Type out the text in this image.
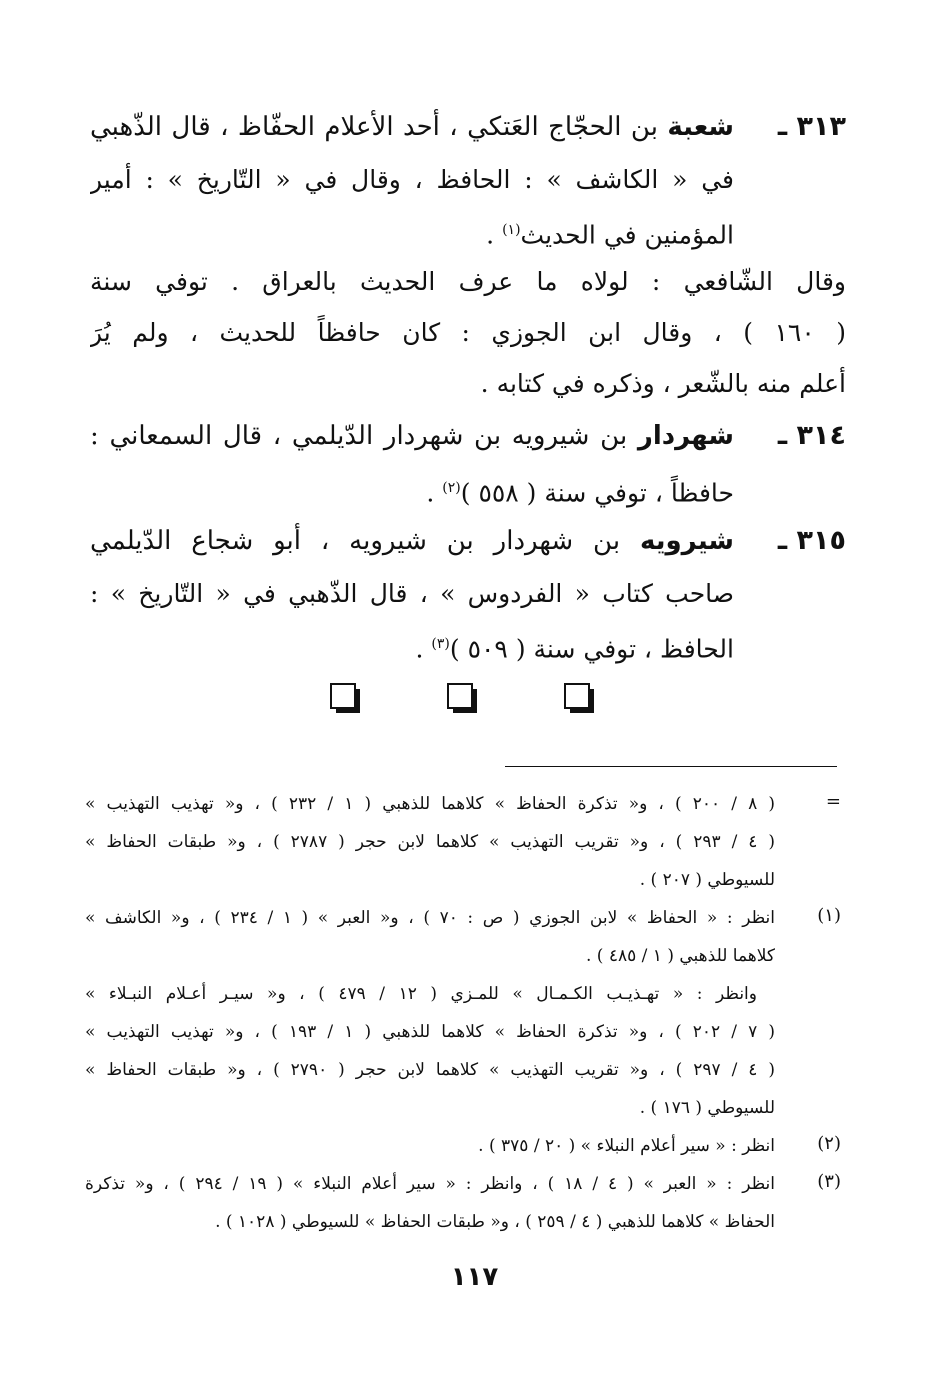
٣١٣ ـ
شعبة بن الحجّاج العَتكي ، أحد الأعلام الحفّاظ ، قال الذّهبي
في « الكاشف » : الحافظ ، وقال في « التّاريخ » : أمير
المؤمنين في الحديث$^{(١)}$ .
وقال الشّافعي : لولاه ما عرف الحديث بالعراق . توفي سنة
( ١٦٠ ) ، وقال ابن الجوزي : كان حافظاً للحديث ، ولم يُرَ
أعلم منه بالشّعر ، وذكره في كتابه .
٣١٤ ـ
شهردار بن شيرويه بن شهردار الدّيلمي ، قال السمعاني :
حافظاً ، توفي سنة ( ٥٥٨ )$^{(٢)}$ .
٣١٥ ـ
شيرويه بن شهردار بن شيرويه ، أبو شجاع الدّيلمي
صاحب كتاب « الفردوس » ، قال الذّهبي في « التّاريخ » :
الحافظ ، توفي سنة ( ٥٠٩ )$^{(٣)}$ .
=
( ٨ / ٢٠٠ ) ، و« تذكرة الحفاظ » كلاهما للذهبي ( ١ / ٢٣٢ ) ، و« تهذيب التهذيب »
( ٤ / ٢٩٣ ) ، و« تقريب التهذيب » كلاهما لابن حجر ( ٢٧٨٧ ) ، و« طبقات الحفاظ »
للسيوطي ( ٢٠٧ ) .
(١)
انظر : « الحفاظ » لابن الجوزي ( ص : ٧٠ ) ، و« العبر » ( ١ / ٢٣٤ ) ، و« الكاشف »
كلاهما للذهبي ( ١ / ٤٨٥ ) .
وانظر : « تهـذيـب الكـمـال » للمـزي ( ١٢ / ٤٧٩ ) ، و« سيـر أعـلام النبـلاء »
( ٧ / ٢٠٢ ) ، و« تذكرة الحفاظ » كلاهما للذهبي ( ١ / ١٩٣ ) ، و« تهذيب التهذيب »
( ٤ / ٢٩٧ ) ، و« تقريب التهذيب » كلاهما لابن حجر ( ٢٧٩٠ ) ، و« طبقات الحفاظ »
للسيوطي ( ١٧٦ ) .
(٢)
انظر : « سير أعلام النبلاء » ( ٢٠ / ٣٧٥ ) .
(٣)
انظر : « العبر » ( ٤ / ١٨ ) ، وانظر : « سير أعلام النبلاء » ( ١٩ / ٢٩٤ ) ، و« تذكرة
الحفاظ » كلاهما للذهبي ( ٤ / ٢٥٩ ) ، و« طبقات الحفاظ » للسيوطي ( ١٠٢٨ ) .
١١٧
